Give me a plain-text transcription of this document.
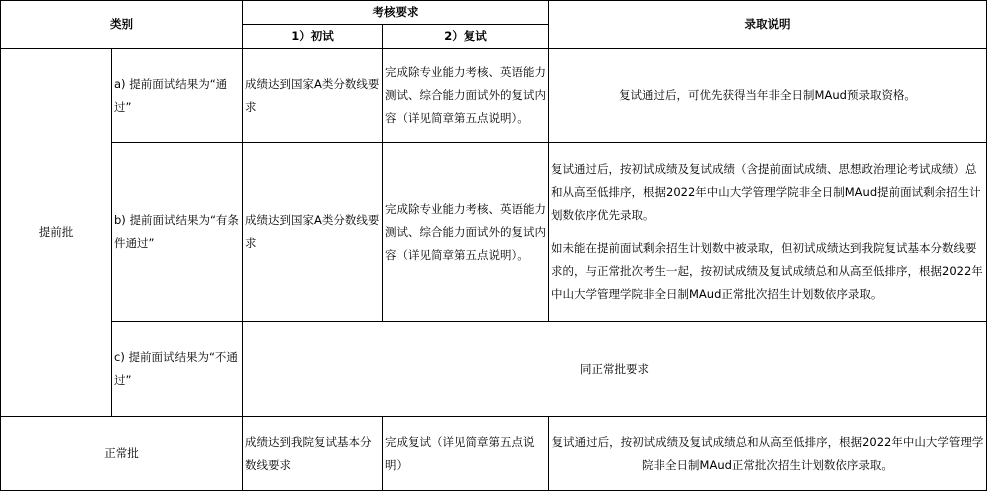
类别		考核要求		录取说明
		1）初试	2）复试	
提前批	a) 提前面试结果为“通过”	成绩达到国家A类分数线要求	完成除专业能力考核、英语能力测试、综合能力面试外的复试内容（详见简章第五点说明）。	复试通过后，可优先获得当年非全日制MAud预录取资格。
	b) 提前面试结果为“有条件通过”	成绩达到国家A类分数线要求	完成除专业能力考核、英语能力测试、综合能力面试外的复试内容（详见简章第五点说明）。	复试通过后，按初试成绩及复试成绩（含提前面试成绩、思想政治理论考试成绩）总和从高至低排序，根据2022年中山大学管理学院非全日制MAud提前面试剩余招生计划数依序优先录取。
如未能在提前面试剩余招生计划数中被录取，但初试成绩达到我院复试基本分数线要求的，与正常批次考生一起，按初试成绩及复试成绩总和从高至低排序，根据2022年中山大学管理学院非全日制MAud正常批次招生计划数依序录取。

	c) 提前面试结果为“不通过”	同正常批要求		
正常批		成绩达到我院复试基本分数线要求	完成复试（详见简章第五点说明）	复试通过后，按初试成绩及复试成绩总和从高至低排序，根据2022年中山大学管理学院非全日制MAud正常批次招生计划数依序录取。
